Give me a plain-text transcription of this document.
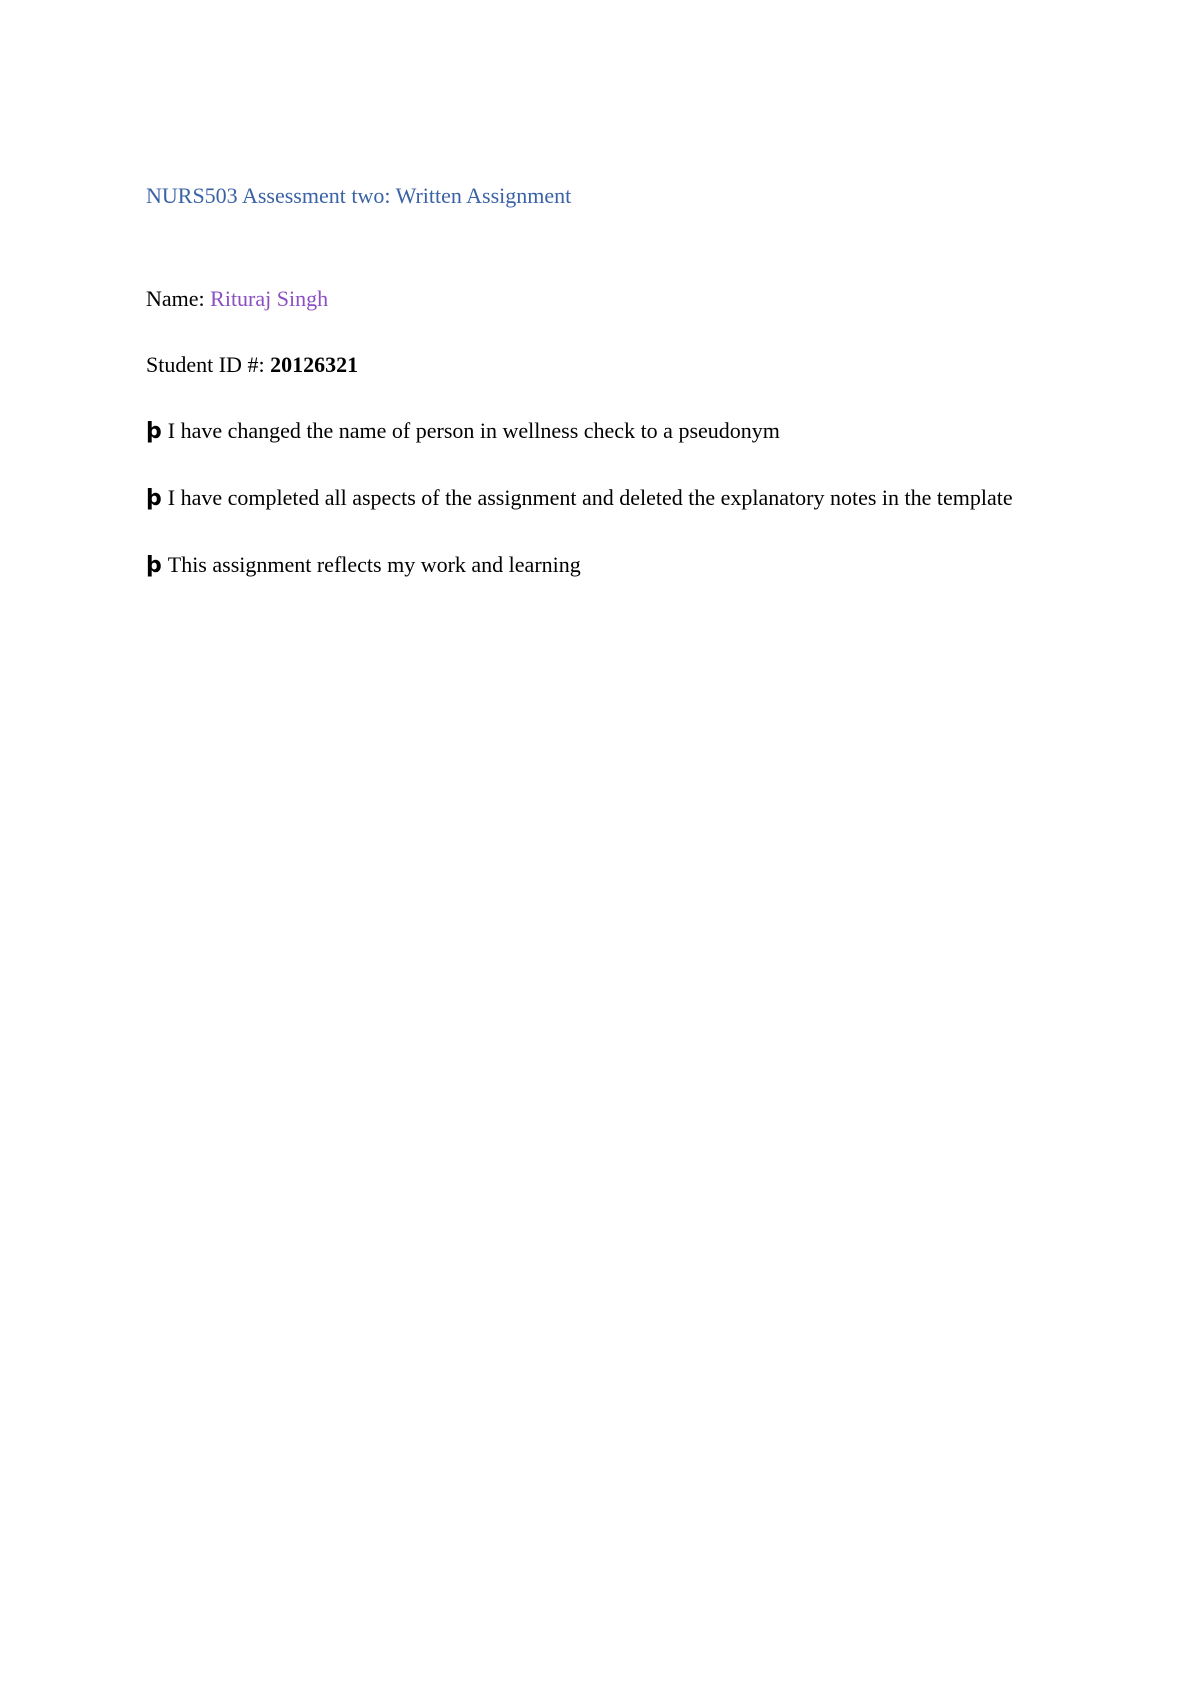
NURS503 Assessment two: Written Assignment

Name: Rituraj Singh

Student ID #: 20126321

þ I have changed the name of person in wellness check to a pseudonym

þ I have completed all aspects of the assignment and deleted the explanatory notes in the template

þ This assignment reflects my work and learning
